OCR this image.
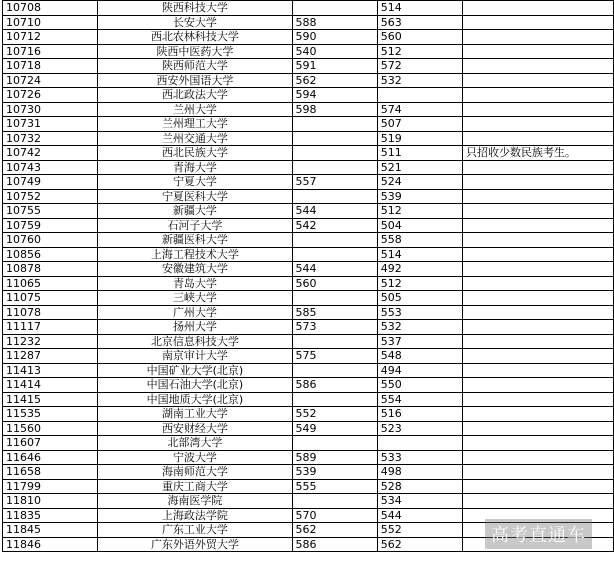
10708	陕西科技大学		514	
10710	长安大学	588	563	
10712	西北农林科技大学	590	560	
10716	陕西中医药大学	540	512	
10718	陕西师范大学	591	572	
10724	西安外国语大学	562	532	
10726	西北政法大学	594		
10730	兰州大学	598	574	
10731	兰州理工大学		507	
10732	兰州交通大学		519	
10742	西北民族大学		511	只招收少数民族考生。
10743	青海大学		521	
10749	宁夏大学	557	524	
10752	宁夏医科大学		539	
10755	新疆大学	544	512	
10759	石河子大学	542	504	
10760	新疆医科大学		558	
10856	上海工程技术大学		514	
10878	安徽建筑大学	544	492	
11065	青岛大学	560	512	
11075	三峡大学		505	
11078	广州大学	585	553	
11117	扬州大学	573	532	
11232	北京信息科技大学		537	
11287	南京审计大学	575	548	
11413	中国矿业大学(北京)		494	
11414	中国石油大学(北京)	586	550	
11415	中国地质大学(北京)		554	
11535	湖南工业大学	552	516	
11560	西安财经大学	549	523	
11607	北部湾大学			
11646	宁波大学	589	533	
11658	海南师范大学	539	498	
11799	重庆工商大学	555	528	
11810	海南医学院		534	
11835	上海政法学院	570	544	
11845	广东工业大学	562	552	
11846	广东外语外贸大学	586	562		高考直通车
